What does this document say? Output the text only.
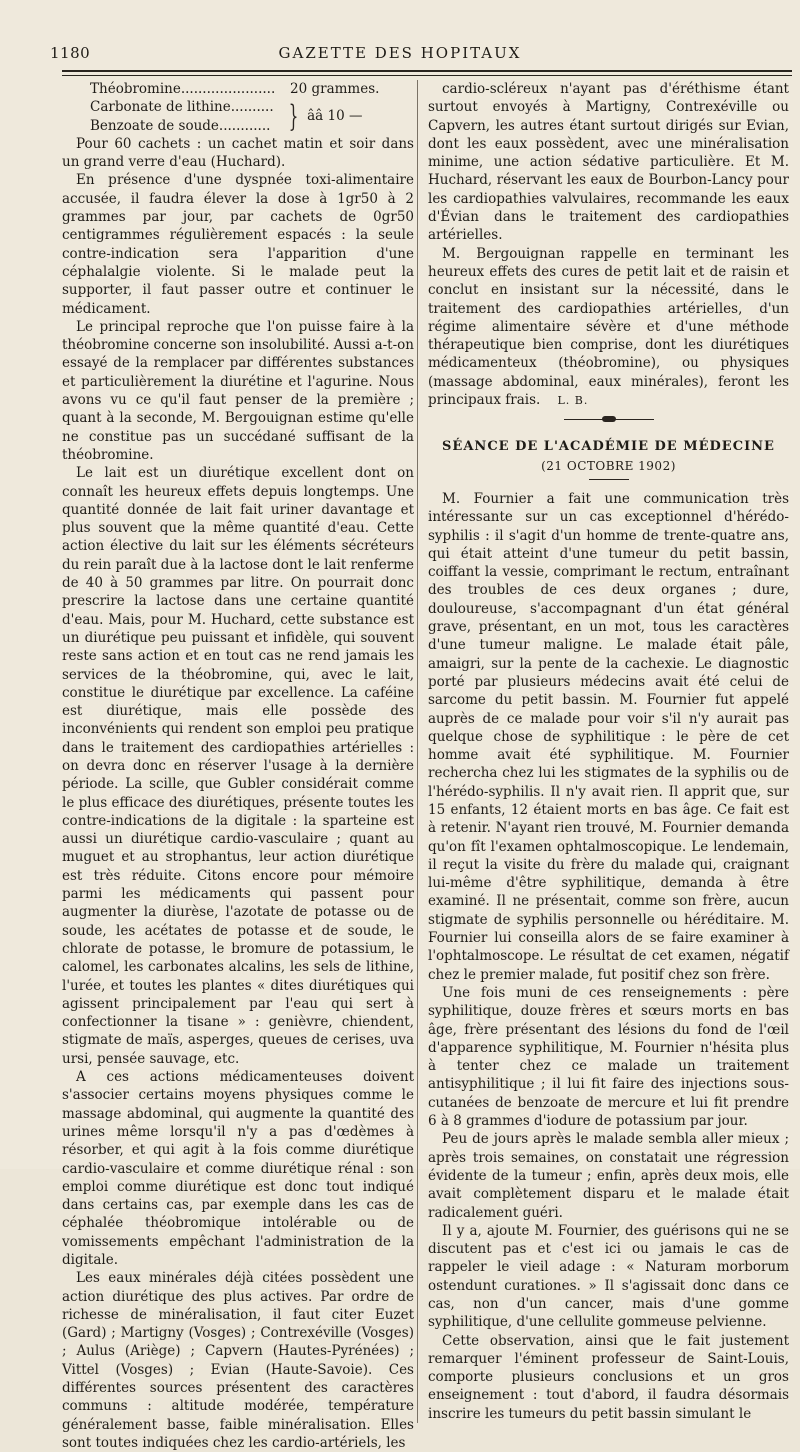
1180	GAZETTE DES HOPITAUX
Théobromine......................	20 grammes.
Carbonate de lithine..........
Benzoate de soude............ } ââ 10 —

Pour 60 cachets : un cachet matin et soir dans un grand verre d'eau (Huchard).

En présence d'une dyspnée toxi-alimentaire accusée, il faudra élever la dose à 1gr50 à 2 grammes par jour, par cachets de 0gr50 centigrammes régulièrement espacés : la seule contre-indication sera l'apparition d'une céphalalgie violente. Si le malade peut la supporter, il faut passer outre et continuer le médicament.

Le principal reproche que l'on puisse faire à la théobromine concerne son insolubilité. Aussi a-t-on essayé de la remplacer par différentes substances et particulièrement la diurétine et l'agurine. Nous avons vu ce qu'il faut penser de la première ; quant à la seconde, M. Bergouignan estime qu'elle ne constitue pas un succédané suffisant de la théobromine.

Le lait est un diurétique excellent dont on connaît les heureux effets depuis longtemps. Une quantité donnée de lait fait uriner davantage et plus souvent que la même quantité d'eau. Cette action élective du lait sur les éléments sécréteurs du rein paraît due à la lactose dont le lait renferme de 40 à 50 grammes par litre. On pourrait donc prescrire la lactose dans une certaine quantité d'eau. Mais, pour M. Huchard, cette substance est un diurétique peu puissant et infidèle, qui souvent reste sans action et en tout cas ne rend jamais les services de la théobromine, qui, avec le lait, constitue le diurétique par excellence. La caféine est diurétique, mais elle possède des inconvénients qui rendent son emploi peu pratique dans le traitement des cardiopathies artérielles : on devra donc en réserver l'usage à la dernière période. La scille, que Gubler considérait comme le plus efficace des diurétiques, présente toutes les contre-indications de la digitale : la sparteine est aussi un diurétique cardio-vasculaire ; quant au muguet et au strophantus, leur action diurétique est très réduite. Citons encore pour mémoire parmi les médicaments qui passent pour augmenter la diurèse, l'azotate de potasse ou de soude, les acétates de potasse et de soude, le chlorate de potasse, le bromure de potassium, le calomel, les carbonates alcalins, les sels de lithine, l'urée, et toutes les plantes « dites diurétiques qui agissent principalement par l'eau qui sert à confectionner la tisane » : genièvre, chiendent, stigmate de maïs, asperges, queues de cerises, uva ursi, pensée sauvage, etc.

A ces actions médicamenteuses doivent s'associer certains moyens physiques comme le massage abdominal, qui augmente la quantité des urines même lorsqu'il n'y a pas d'œdèmes à résorber, et qui agit à la fois comme diurétique cardio-vasculaire et comme diurétique rénal : son emploi comme diurétique est donc tout indiqué dans certains cas, par exemple dans les cas de céphalée théobromique intolérable ou de vomissements empêchant l'administration de la digitale.

Les eaux minérales déjà citées possèdent une action diurétique des plus actives. Par ordre de richesse de minéralisation, il faut citer Euzet (Gard) ; Martigny (Vosges) ; Contrexéville (Vosges) ; Aulus (Ariège) ; Capvern (Hautes-Pyrénées) ; Vittel (Vosges) ; Evian (Haute-Savoie). Ces différentes sources présentent des caractères communs : altitude modérée, température généralement basse, faible minéralisation. Elles sont toutes indiquées chez les cardio-artériels, les

cardio-scléreux n'ayant pas d'éréthisme étant surtout envoyés à Martigny, Contrexéville ou Capvern, les autres étant surtout dirigés sur Evian, dont les eaux possèdent, avec une minéralisation minime, une action sédative particulière. Et M. Huchard, réservant les eaux de Bourbon-Lancy pour les cardiopathies valvulaires, recommande les eaux d'Évian dans le traitement des cardiopathies artérielles.

M. Bergouignan rappelle en terminant les heureux effets des cures de petit lait et de raisin et conclut en insistant sur la nécessité, dans le traitement des cardiopathies artérielles, d'un régime alimentaire sévère et d'une méthode thérapeutique bien comprise, dont les diurétiques médicamenteux (théobromine), ou physiques (massage abdominal, eaux minérales), feront les principaux frais. L. B.

SÉANCE DE L'ACADÉMIE DE MÉDECINE
(21 OCTOBRE 1902)

M. Fournier a fait une communication très intéressante sur un cas exceptionnel d'hérédo-syphilis : il s'agit d'un homme de trente-quatre ans, qui était atteint d'une tumeur du petit bassin, coiffant la vessie, comprimant le rectum, entraînant des troubles de ces deux organes ; dure, douloureuse, s'accompagnant d'un état général grave, présentant, en un mot, tous les caractères d'une tumeur maligne. Le malade était pâle, amaigri, sur la pente de la cachexie. Le diagnostic porté par plusieurs médecins avait été celui de sarcome du petit bassin. M. Fournier fut appelé auprès de ce malade pour voir s'il n'y aurait pas quelque chose de syphilitique : le père de cet homme avait été syphilitique. M. Fournier rechercha chez lui les stigmates de la syphilis ou de l'hérédo-syphilis. Il n'y avait rien. Il apprit que, sur 15 enfants, 12 étaient morts en bas âge. Ce fait est à retenir. N'ayant rien trouvé, M. Fournier demanda qu'on fît l'examen ophtalmoscopique. Le lendemain, il reçut la visite du frère du malade qui, craignant lui-même d'être syphilitique, demanda à être examiné. Il ne présentait, comme son frère, aucun stigmate de syphilis personnelle ou héréditaire. M. Fournier lui conseilla alors de se faire examiner à l'ophtalmoscope. Le résultat de cet examen, négatif chez le premier malade, fut positif chez son frère.

Une fois muni de ces renseignements : père syphilitique, douze frères et sœurs morts en bas âge, frère présentant des lésions du fond de l'œil d'apparence syphilitique, M. Fournier n'hésita plus à tenter chez ce malade un traitement antisyphilitique ; il lui fit faire des injections sous-cutanées de benzoate de mercure et lui fit prendre 6 à 8 grammes d'iodure de potassium par jour.

Peu de jours après le malade sembla aller mieux ; après trois semaines, on constatait une régression évidente de la tumeur ; enfin, après deux mois, elle avait complètement disparu et le malade était radicalement guéri.

Il y a, ajoute M. Fournier, des guérisons qui ne se discutent pas et c'est ici ou jamais le cas de rappeler le vieil adage : « Naturam morborum ostendunt curationes. » Il s'agissait donc dans ce cas, non d'un cancer, mais d'une gomme syphilitique, d'une cellulite gommeuse pelvienne.

Cette observation, ainsi que le fait justement remarquer l'éminent professeur de Saint-Louis, comporte plusieurs conclusions et un gros enseignement : tout d'abord, il faudra désormais inscrire les tumeurs du petit bassin simulant le
